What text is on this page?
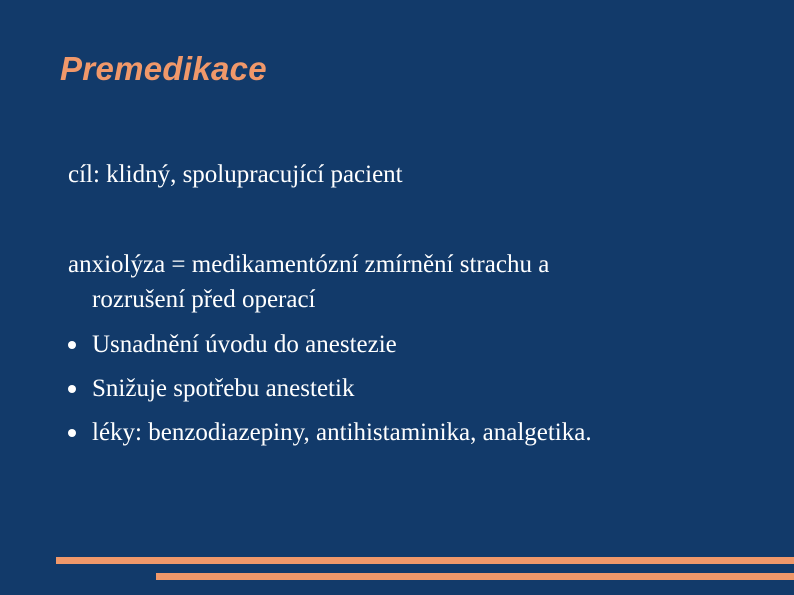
Premedikace
cíl: klidný, spolupracující pacient
anxiolýza = medikamentózní zmírnění strachu a
rozrušení před operací
Usnadnění úvodu do anestezie
Snižuje spotřebu anestetik
léky: benzodiazepiny, antihistaminika, analgetika.
